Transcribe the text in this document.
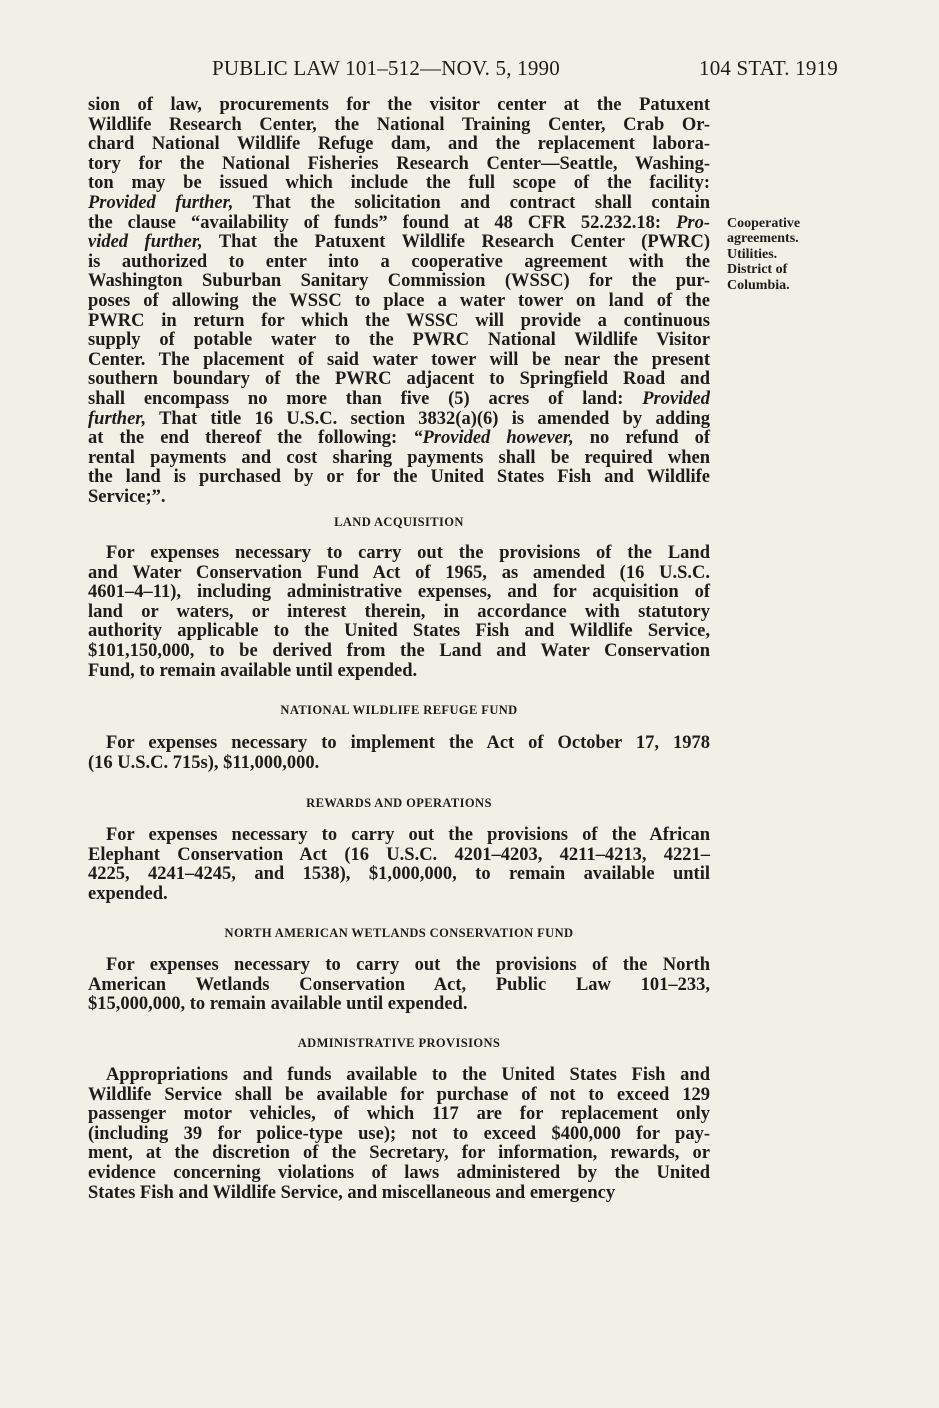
PUBLIC LAW 101–512—NOV. 5, 1990	104 STAT. 1919

sion of law, procurements for the visitor center at the Patuxent
Wildlife Research Center, the National Training Center, Crab Or-
chard National Wildlife Refuge dam, and the replacement labora-
tory for the National Fisheries Research Center—Seattle, Washing-
ton may be issued which include the full scope of the facility:
Provided further, That the solicitation and contract shall contain
the clause “availability of funds” found at 48 CFR 52.232.18: Pro-
vided further, That the Patuxent Wildlife Research Center (PWRC)
is authorized to enter into a cooperative agreement with the
Washington Suburban Sanitary Commission (WSSC) for the pur-
poses of allowing the WSSC to place a water tower on land of the
PWRC in return for which the WSSC will provide a continuous
supply of potable water to the PWRC National Wildlife Visitor
Center. The placement of said water tower will be near the present
southern boundary of the PWRC adjacent to Springfield Road and
shall encompass no more than five (5) acres of land: Provided
further, That title 16 U.S.C. section 3832(a)(6) is amended by adding
at the end thereof the following: “Provided however, no refund of
rental payments and cost sharing payments shall be required when
the land is purchased by or for the United States Fish and Wildlife
Service;”.

Cooperative
agreements.
Utilities.
District of
Columbia.

LAND ACQUISITION

For expenses necessary to carry out the provisions of the Land
and Water Conservation Fund Act of 1965, as amended (16 U.S.C.
4601–4–11), including administrative expenses, and for acquisition of
land or waters, or interest therein, in accordance with statutory
authority applicable to the United States Fish and Wildlife Service,
$101,150,000, to be derived from the Land and Water Conservation
Fund, to remain available until expended.

NATIONAL WILDLIFE REFUGE FUND

For expenses necessary to implement the Act of October 17, 1978
(16 U.S.C. 715s), $11,000,000.

REWARDS AND OPERATIONS

For expenses necessary to carry out the provisions of the African
Elephant Conservation Act (16 U.S.C. 4201–4203, 4211–4213, 4221–
4225, 4241–4245, and 1538), $1,000,000, to remain available until
expended.

NORTH AMERICAN WETLANDS CONSERVATION FUND

For expenses necessary to carry out the provisions of the North
American Wetlands Conservation Act, Public Law 101–233,
$15,000,000, to remain available until expended.

ADMINISTRATIVE PROVISIONS

Appropriations and funds available to the United States Fish and
Wildlife Service shall be available for purchase of not to exceed 129
passenger motor vehicles, of which 117 are for replacement only
(including 39 for police-type use); not to exceed $400,000 for pay-
ment, at the discretion of the Secretary, for information, rewards, or
evidence concerning violations of laws administered by the United
States Fish and Wildlife Service, and miscellaneous and emergency
